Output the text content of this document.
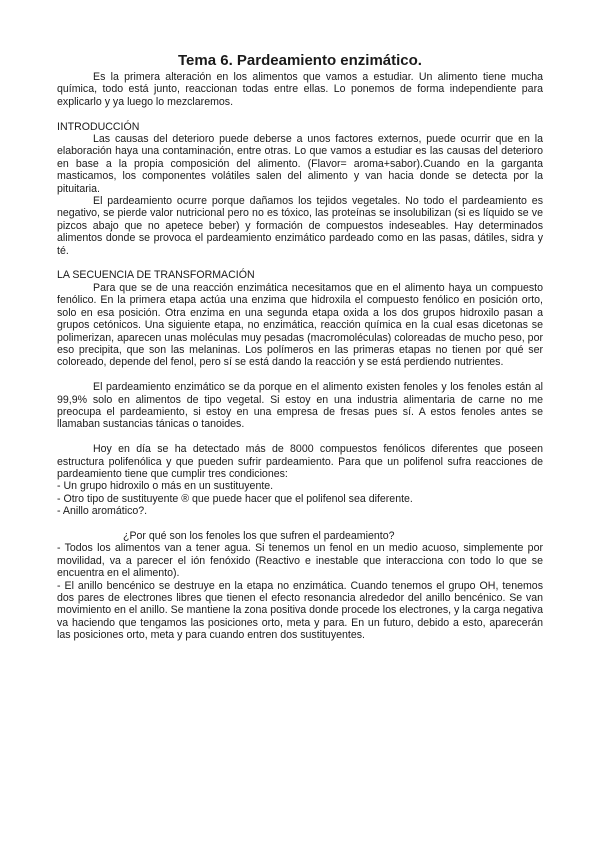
Tema 6. Pardeamiento enzimático.

Es la primera alteración en los alimentos que vamos a estudiar. Un alimento tiene mucha química, todo está junto, reaccionan todas entre ellas. Lo ponemos de forma independiente para explicarlo y ya luego lo mezclaremos.

INTRODUCCIÓN

Las causas del deterioro puede deberse a unos factores externos, puede ocurrir que en la elaboración haya una contaminación, entre otras. Lo que vamos a estudiar es las causas del deterioro en base a la propia composición del alimento. (Flavor= aroma+sabor).Cuando en la garganta masticamos, los componentes volátiles salen del alimento y van hacia donde se detecta por la pituitaria.

El pardeamiento ocurre porque dañamos los tejidos vegetales. No todo el pardeamiento es negativo, se pierde valor nutricional pero no es tóxico, las proteínas se insolubilizan (si es líquido se ve pizcos abajo que no apetece beber) y formación de compuestos indeseables. Hay determinados alimentos donde se provoca el pardeamiento enzimático pardeado como en las pasas, dátiles, sidra y té.

LA SECUENCIA DE TRANSFORMACIÓN

Para que se de una reacción enzimática necesitamos que en el alimento haya un compuesto fenólico. En la primera etapa actúa una enzima que hidroxila el compuesto fenólico en posición orto, solo en esa posición. Otra enzima en una segunda etapa oxida a los dos grupos hidroxilo pasan a grupos cetónicos. Una siguiente etapa, no enzimática, reacción química en la cual esas dicetonas se polimerizan, aparecen unas moléculas muy pesadas (macromoléculas) coloreadas de mucho peso, por eso precipita, que son las melaninas. Los polímeros en las primeras etapas no tienen por qué ser coloreado, depende del fenol, pero sí se está dando la reacción y se está perdiendo nutrientes.

El pardeamiento enzimático se da porque en el alimento existen fenoles y los fenoles están al 99,9% solo en alimentos de tipo vegetal. Si estoy en una industria alimentaria de carne no me preocupa el pardeamiento, si estoy en una empresa de fresas pues sí. A estos fenoles antes se llamaban sustancias tánicas o tanoides.

Hoy en día se ha detectado más de 8000 compuestos fenólicos diferentes que poseen estructura polifenólica y que pueden sufrir pardeamiento. Para que un polifenol sufra reacciones de pardeamiento tiene que cumplir tres condiciones:

- Un grupo hidroxilo o más en un sustituyente.

- Otro tipo de sustituyente ® que puede hacer que el polifenol sea diferente.

- Anillo aromático?.

¿Por qué son los fenoles los que sufren el pardeamiento?

- Todos los alimentos van a tener agua. Si tenemos un fenol en un medio acuoso, simplemente por movilidad, va a parecer el ión fenóxido (Reactivo e inestable que interacciona con todo lo que se encuentra en el alimento).

- El anillo bencénico se destruye en la etapa no enzimática. Cuando tenemos el grupo OH, tenemos dos pares de electrones libres que tienen el efecto resonancia alrededor del anillo bencénico. Se van movimiento en el anillo. Se mantiene la zona positiva donde procede los electrones, y la carga negativa va haciendo que tengamos las posiciones orto, meta y para. En un futuro, debido a esto, aparecerán las posiciones orto, meta y para cuando entren dos sustituyentes.
